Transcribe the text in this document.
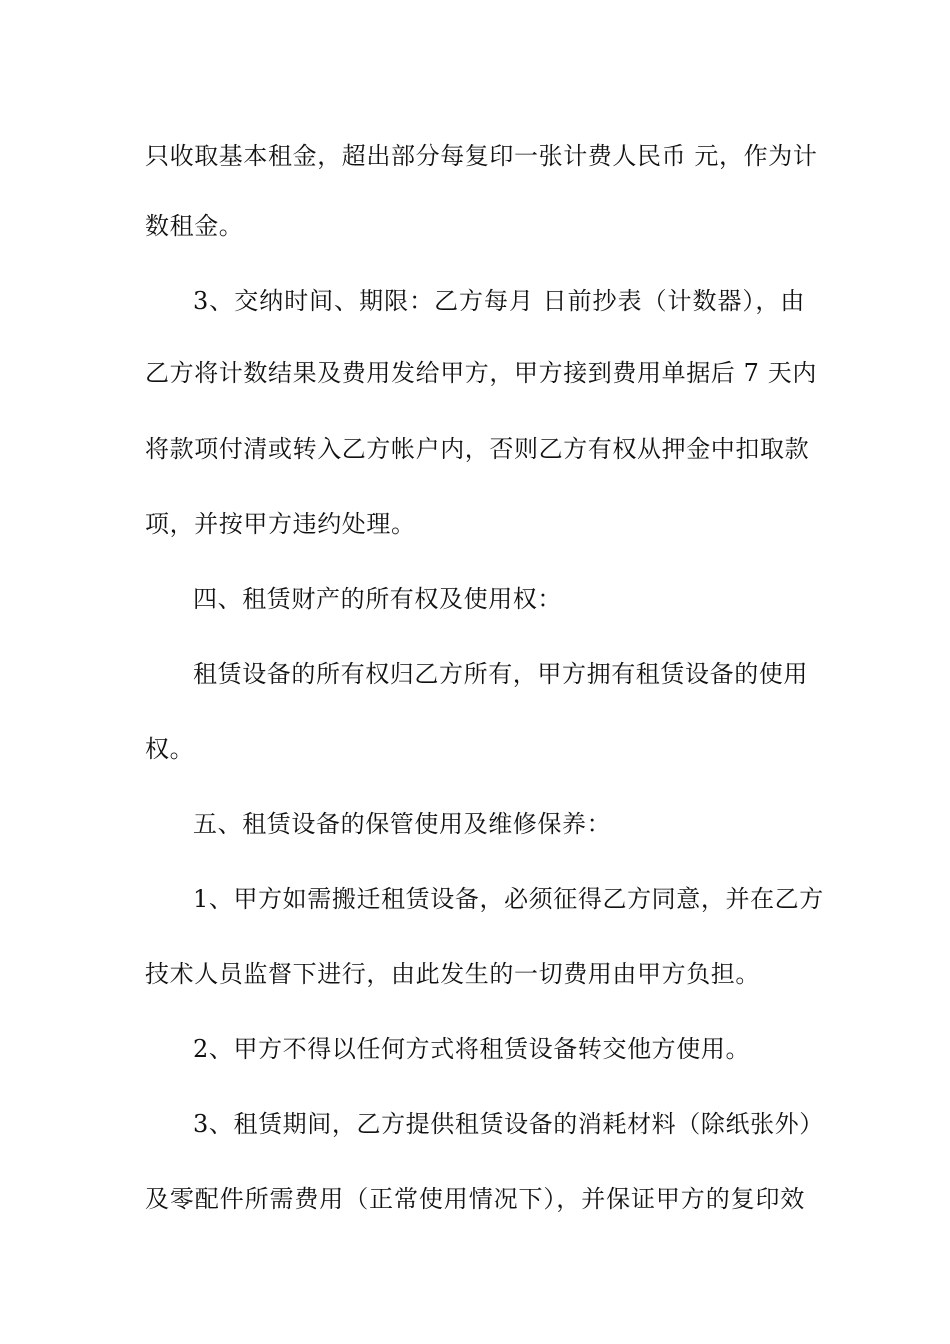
只收取基本租金，超出部分每复印一张计费人民币 元，作为计
数租金。
3、交纳时间、期限：乙方每月 日前抄表（计数器），由
乙方将计数结果及费用发给甲方，甲方接到费用单据后 7 天内
将款项付清或转入乙方帐户内，否则乙方有权从押金中扣取款
项，并按甲方违约处理。
四、租赁财产的所有权及使用权：
租赁设备的所有权归乙方所有，甲方拥有租赁设备的使用
权。
五、租赁设备的保管使用及维修保养：
1、甲方如需搬迁租赁设备，必须征得乙方同意，并在乙方
技术人员监督下进行，由此发生的一切费用由甲方负担。
2、甲方不得以任何方式将租赁设备转交他方使用。
3、租赁期间，乙方提供租赁设备的消耗材料（除纸张外）
及零配件所需费用（正常使用情况下），并保证甲方的复印效
